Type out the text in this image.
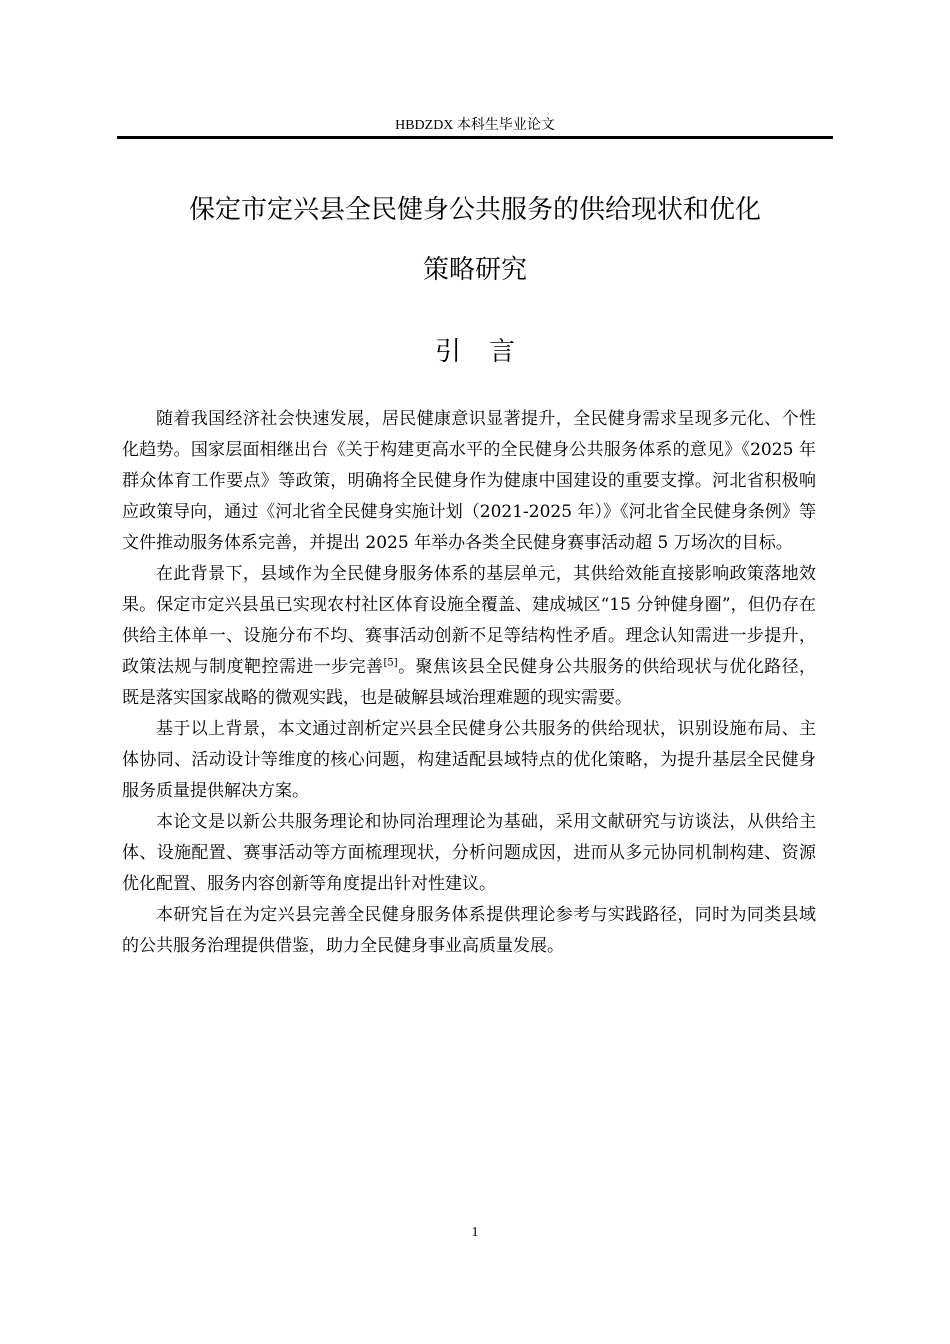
HBDZDX 本科生毕业论文
保定市定兴县全民健身公共服务的供给现状和优化
策略研究
引言

随着我国经济社会快速发展，居民健康意识显著提升，全民健身需求呈现多元化、个性化趋势。国家层面相继出台《关于构建更高水平的全民健身公共服务体系的意见》《2025 年群众体育工作要点》等政策，明确将全民健身作为健康中国建设的重要支撑。河北省积极响应政策导向，通过《河北省全民健身实施计划（2021-2025 年）》《河北省全民健身条例》等文件推动服务体系完善，并提出 2025 年举办各类全民健身赛事活动超 5 万场次的目标。

在此背景下，县域作为全民健身服务体系的基层单元，其供给效能直接影响政策落地效果。保定市定兴县虽已实现农村社区体育设施全覆盖、建成城区“15 分钟健身圈”，但仍存在供给主体单一、设施分布不均、赛事活动创新不足等结构性矛盾。理念认知需进一步提升，政策法规与制度靶控需进一步完善[5]。聚焦该县全民健身公共服务的供给现状与优化路径，既是落实国家战略的微观实践，也是破解县域治理难题的现实需要。

基于以上背景，本文通过剖析定兴县全民健身公共服务的供给现状，识别设施布局、主体协同、活动设计等维度的核心问题，构建适配县域特点的优化策略，为提升基层全民健身服务质量提供解决方案。

本论文是以新公共服务理论和协同治理理论为基础，采用文献研究与访谈法，从供给主体、设施配置、赛事活动等方面梳理现状，分析问题成因，进而从多元协同机制构建、资源优化配置、服务内容创新等角度提出针对性建议。

本研究旨在为定兴县完善全民健身服务体系提供理论参考与实践路径，同时为同类县域的公共服务治理提供借鉴，助力全民健身事业高质量发展。

1
